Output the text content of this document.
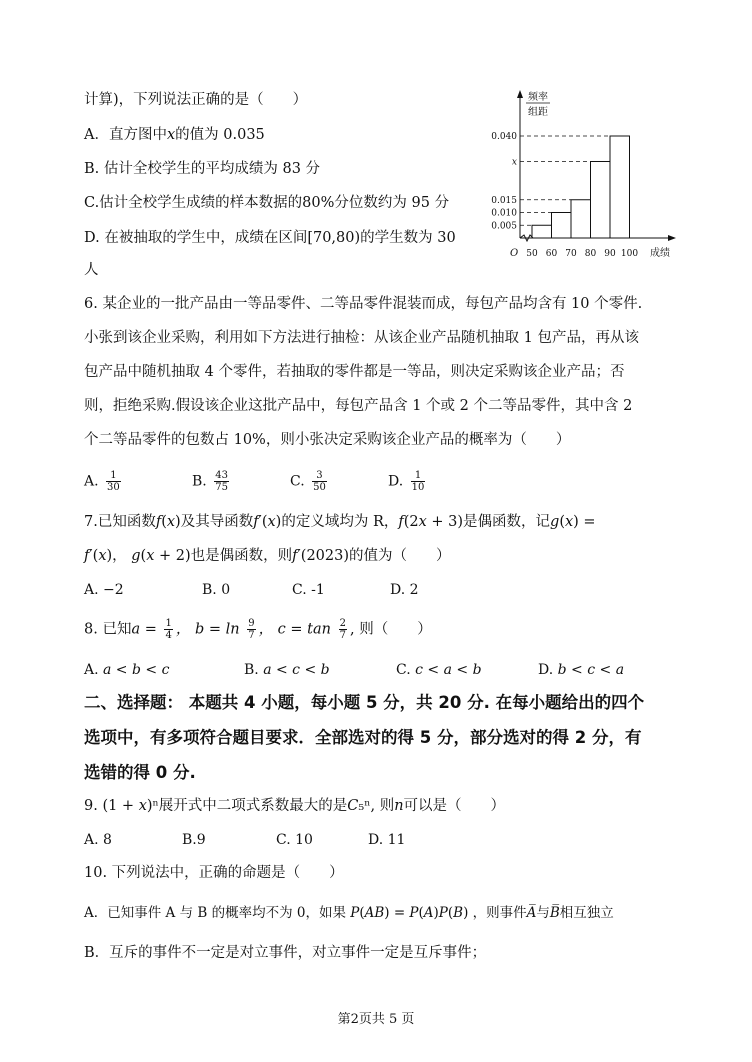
计算)，下列说法正确的是（　　）
A．直方图中𝑥的值为 0.035
B. 估计全校学生的平均成绩为 83 分
C.估计全校学生成绩的样本数据的80%分位数约为 95 分
D. 在被抽取的学生中，成绩在区间[70,80)的学生数为 30
人
频率
组距
O	成绩
0.005
0.010
0.015
x
0.040
50 60 70 80 90 100
6. 某企业的一批产品由一等品零件、二等品零件混装而成，每包产品均含有 10 个零件.
小张到该企业采购，利用如下方法进行抽检：从该企业产品随机抽取 1 包产品，再从该
包产品中随机抽取 4 个零件，若抽取的零件都是一等品，则决定采购该企业产品；否
则，拒绝采购.假设该企业这批产品中，每包产品含 1 个或 2 个二等品零件，其中含 2
个二等品零件的包数占 10%，则小张决定采购该企业产品的概率为（　　）
A. $\frac{1}{30}$	B. $\frac{43}{75}$	C. $\frac{3}{50}$	D. $\frac{1}{10}$
7.已知函数𝑓(𝑥)及其导函数𝑓′(𝑥)的定义域均为 R，𝑓(2𝑥 + 3)是偶函数，记𝑔(𝑥) =
𝑓′(𝑥)， 𝑔(𝑥 + 2)也是偶函数，则𝑓′(2023)的值为（　　）
A. −2	B. 0	C. -1	D. 2
8. 已知𝑎 = $\frac{1}{4}$ ， 𝑏 = 𝑙𝑛 $\frac{9}{7}$ ， 𝑐 = 𝑡𝑎𝑛 $\frac{2}{7}$ , 则（　　）
A. 𝑎 < 𝑏 < 𝑐	B. 𝑎 < 𝑐 < 𝑏	C. 𝑐 < 𝑎 < 𝑏	D. 𝑏 < 𝑐 < 𝑎
二、选择题： 本题共 4 小题，每小题 5 分，共 20 分. 在每小题给出的四个
选项中，有多项符合题目要求．全部选对的得 5 分，部分选对的得 2 分，有
选错的得 0 分.
9. (1 + 𝑥)ⁿ展开式中二项式系数最大的是𝐶₅ⁿ, 则𝑛可以是（　　）
A. 8	B.9	C. 10	D. 11
10. 下列说法中，正确的命题是（　　）
A．已知事件 A 与 B 的概率均不为 0，如果 𝑃(𝐴𝐵) = 𝑃(𝐴)𝑃(𝐵) ，则事件𝐴̅与𝐵̅相互独立
B．互斥的事件不一定是对立事件，对立事件一定是互斥事件；
第2页共 5 页
